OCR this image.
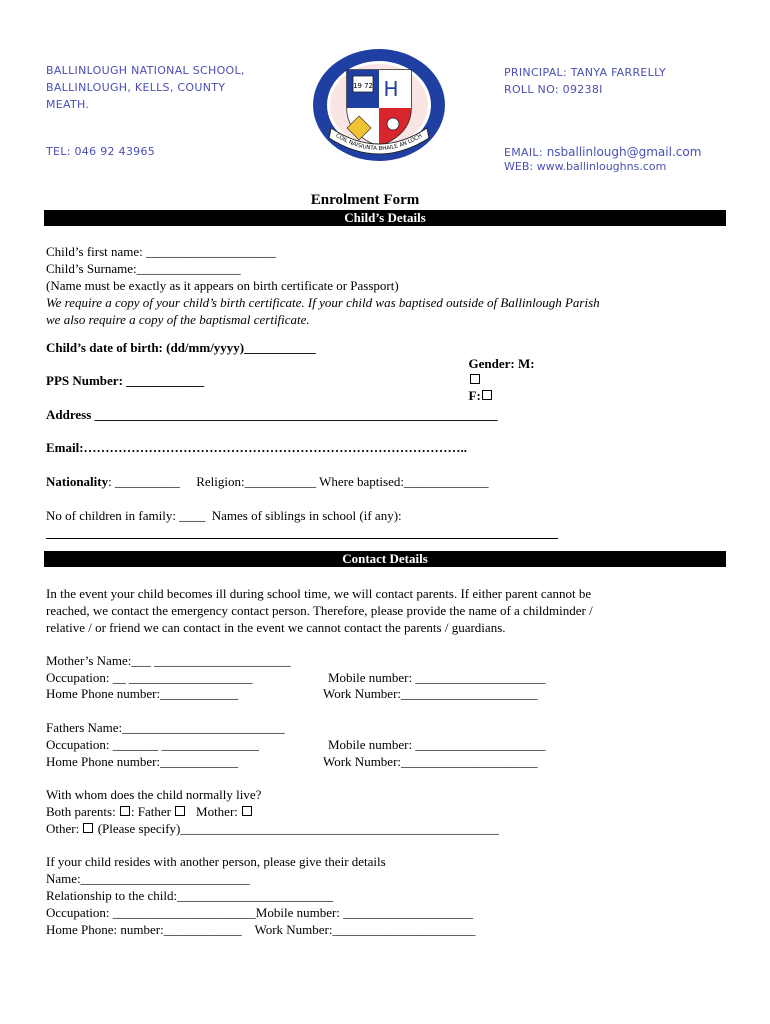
BALLINLOUGH NATIONAL SCHOOL,
BALLINLOUGH, KELLS, COUNTY
MEATH.
TEL: 046 92 43965
PRINCIPAL: TANYA FARRELLY
ROLL NO: 09238I
EMAIL: nsballinlough@gmail.com
WEB: www.ballinloughns.com
19 72 H
COIL NAISIUNTA BHAILE AN LOCH
Enrolment Form
Child’s Details
Child’s first name: ____________________
Child’s Surname:________________
(Name must be exactly as it appears on birth certificate or Passport)
We require a copy of your child’s birth certificate. If your child was baptised outside of Ballinlough Parish
we also require a copy of the baptismal certificate.
Child’s date of birth: (dd/mm/yyyy)___________

Gender: M:

F:

PPS Number: ____________
Address ______________________________________________________________
Email:……………………………………………………………………………..
Nationality: __________     Religion:___________ Where baptised:_____________
No of children in family: ____  Names of siblings in school (if any):
Contact Details
In the event your child becomes ill during school time, we will contact parents. If either parent cannot be
reached, we contact the emergency contact person. Therefore, please provide the name of a childminder /
relative / or friend we can contact in the event we cannot contact the parents / guardians.
Mother’s Name:___ _____________________
Occupation: __ ___________________	Mobile number: ____________________
Home Phone number:____________	Work Number:_____________________
Fathers Name:_________________________
Occupation: _______ _______________	Mobile number: ____________________
Home Phone number:____________	Work Number:_____________________
With whom does the child normally live?
Both parents: : Father Mother:
Other: (Please specify)_________________________________________________
If your child resides with another person, please give their details
Name:__________________________
Relationship to the child:________________________
Occupation: ______________________Mobile number: ____________________
Home Phone: number:____________    Work Number:______________________
